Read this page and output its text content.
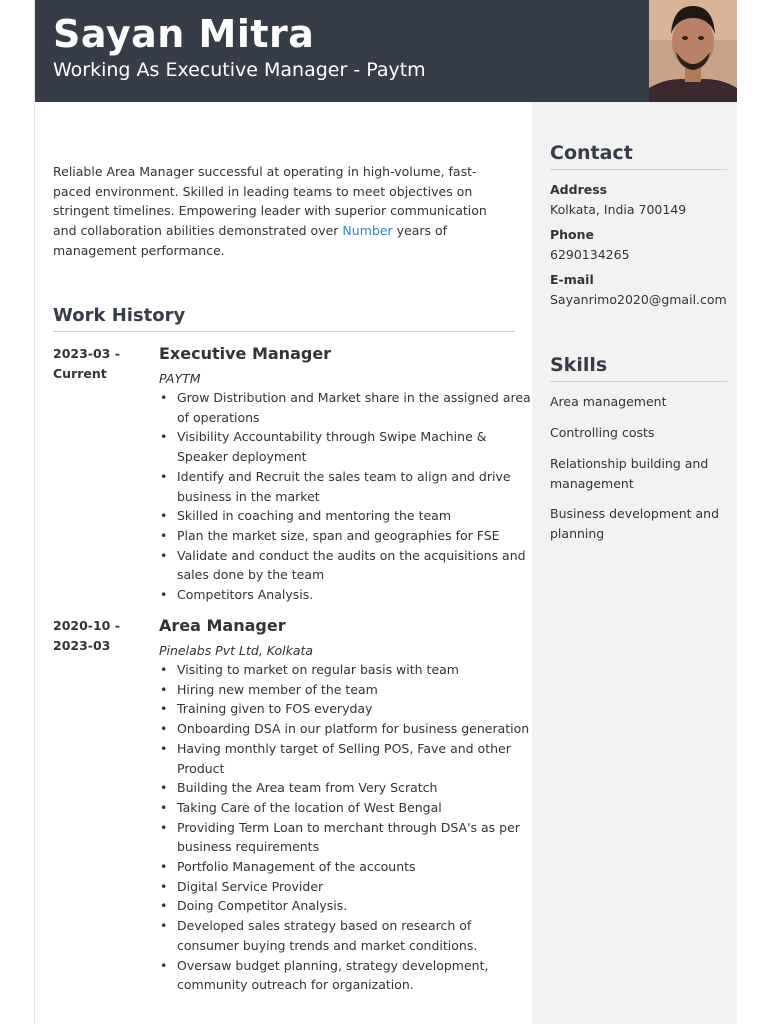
Sayan Mitra
Working As Executive Manager - Paytm
Reliable Area Manager successful at operating in high-volume, fast-paced environment. Skilled in leading teams to meet objectives on stringent timelines. Empowering leader with superior communication and collaboration abilities demonstrated over Number years of management performance.
Work History
2023-03 -
Current
Executive Manager
PAYTM
• Grow Distribution and Market share in the assigned area of operations
• Visibility Accountability through Swipe Machine & Speaker deployment
• Identify and Recruit the sales team to align and drive business in the market
• Skilled in coaching and mentoring the team
• Plan the market size, span and geographies for FSE
• Validate and conduct the audits on the acquisitions and sales done by the team
• Competitors Analysis.
2020-10 -
2023-03
Area Manager
Pinelabs Pvt Ltd, Kolkata
• Visiting to market on regular basis with team
• Hiring new member of the team
• Training given to FOS everyday
• Onboarding DSA in our platform for business generation
• Having monthly target of Selling POS, Fave and other Product
• Building the Area team from Very Scratch
• Taking Care of the location of West Bengal
• Providing Term Loan to merchant through DSA's as per business requirements
• Portfolio Management of the accounts
• Digital Service Provider
• Doing Competitor Analysis.
• Developed sales strategy based on research of consumer buying trends and market conditions.
• Oversaw budget planning, strategy development, community outreach for organization.
Contact
Address
Kolkata, India 700149
Phone
6290134265
E-mail
Sayanrimo2020@gmail.com
Skills
Area management
Controlling costs
Relationship building and management
Business development and planning
